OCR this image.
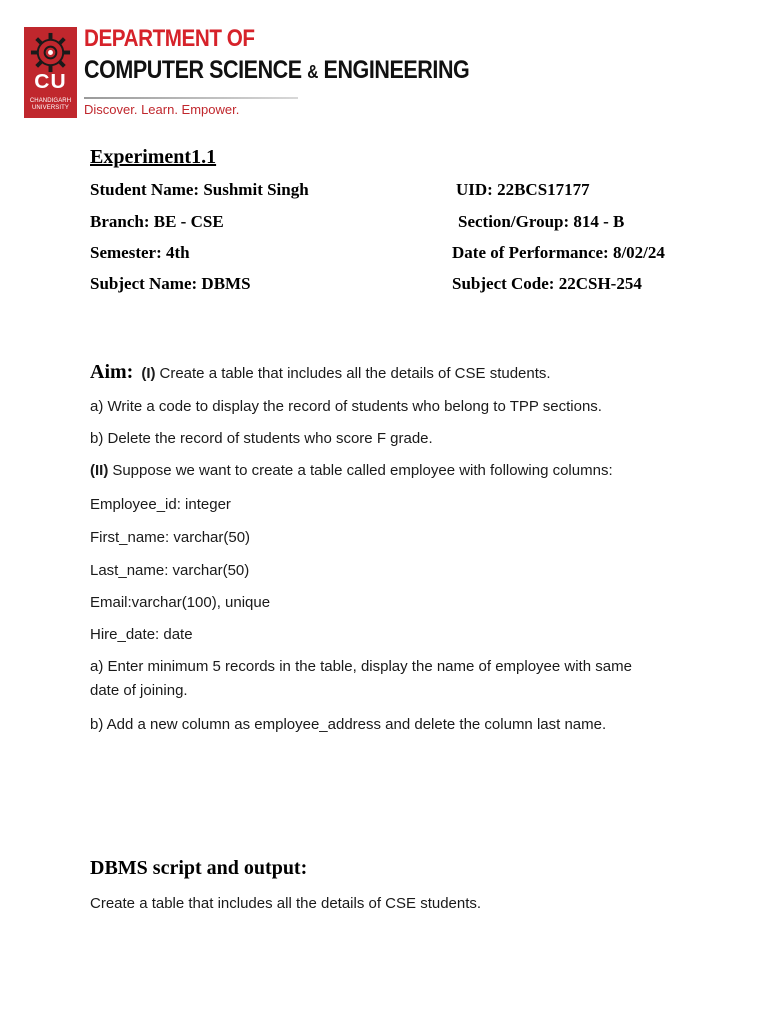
CU
CHANDIGARH
UNIVERSITY
DEPARTMENT OF
COMPUTER SCIENCE & ENGINEERING
Discover. Learn. Empower.
Experiment1.1
Student Name: Sushmit Singh	UID: 22BCS17177
Branch: BE - CSE	Section/Group: 814 - B
Semester: 4th	Date of Performance: 8/02/24
Subject Name: DBMS	Subject Code: 22CSH-254
Aim: (I) Create a table that includes all the details of CSE students.
a) Write a code to display the record of students who belong to TPP sections.
b) Delete the record of students who score F grade.
(II) Suppose we want to create a table called employee with following columns:
Employee_id: integer
First_name: varchar(50)
Last_name: varchar(50)
Email:varchar(100), unique
Hire_date: date
a) Enter minimum 5 records in the table, display the name of employee with same
date of joining.
b) Add a new column as employee_address and delete the column last name.
DBMS script and output:
Create a table that includes all the details of CSE students.
